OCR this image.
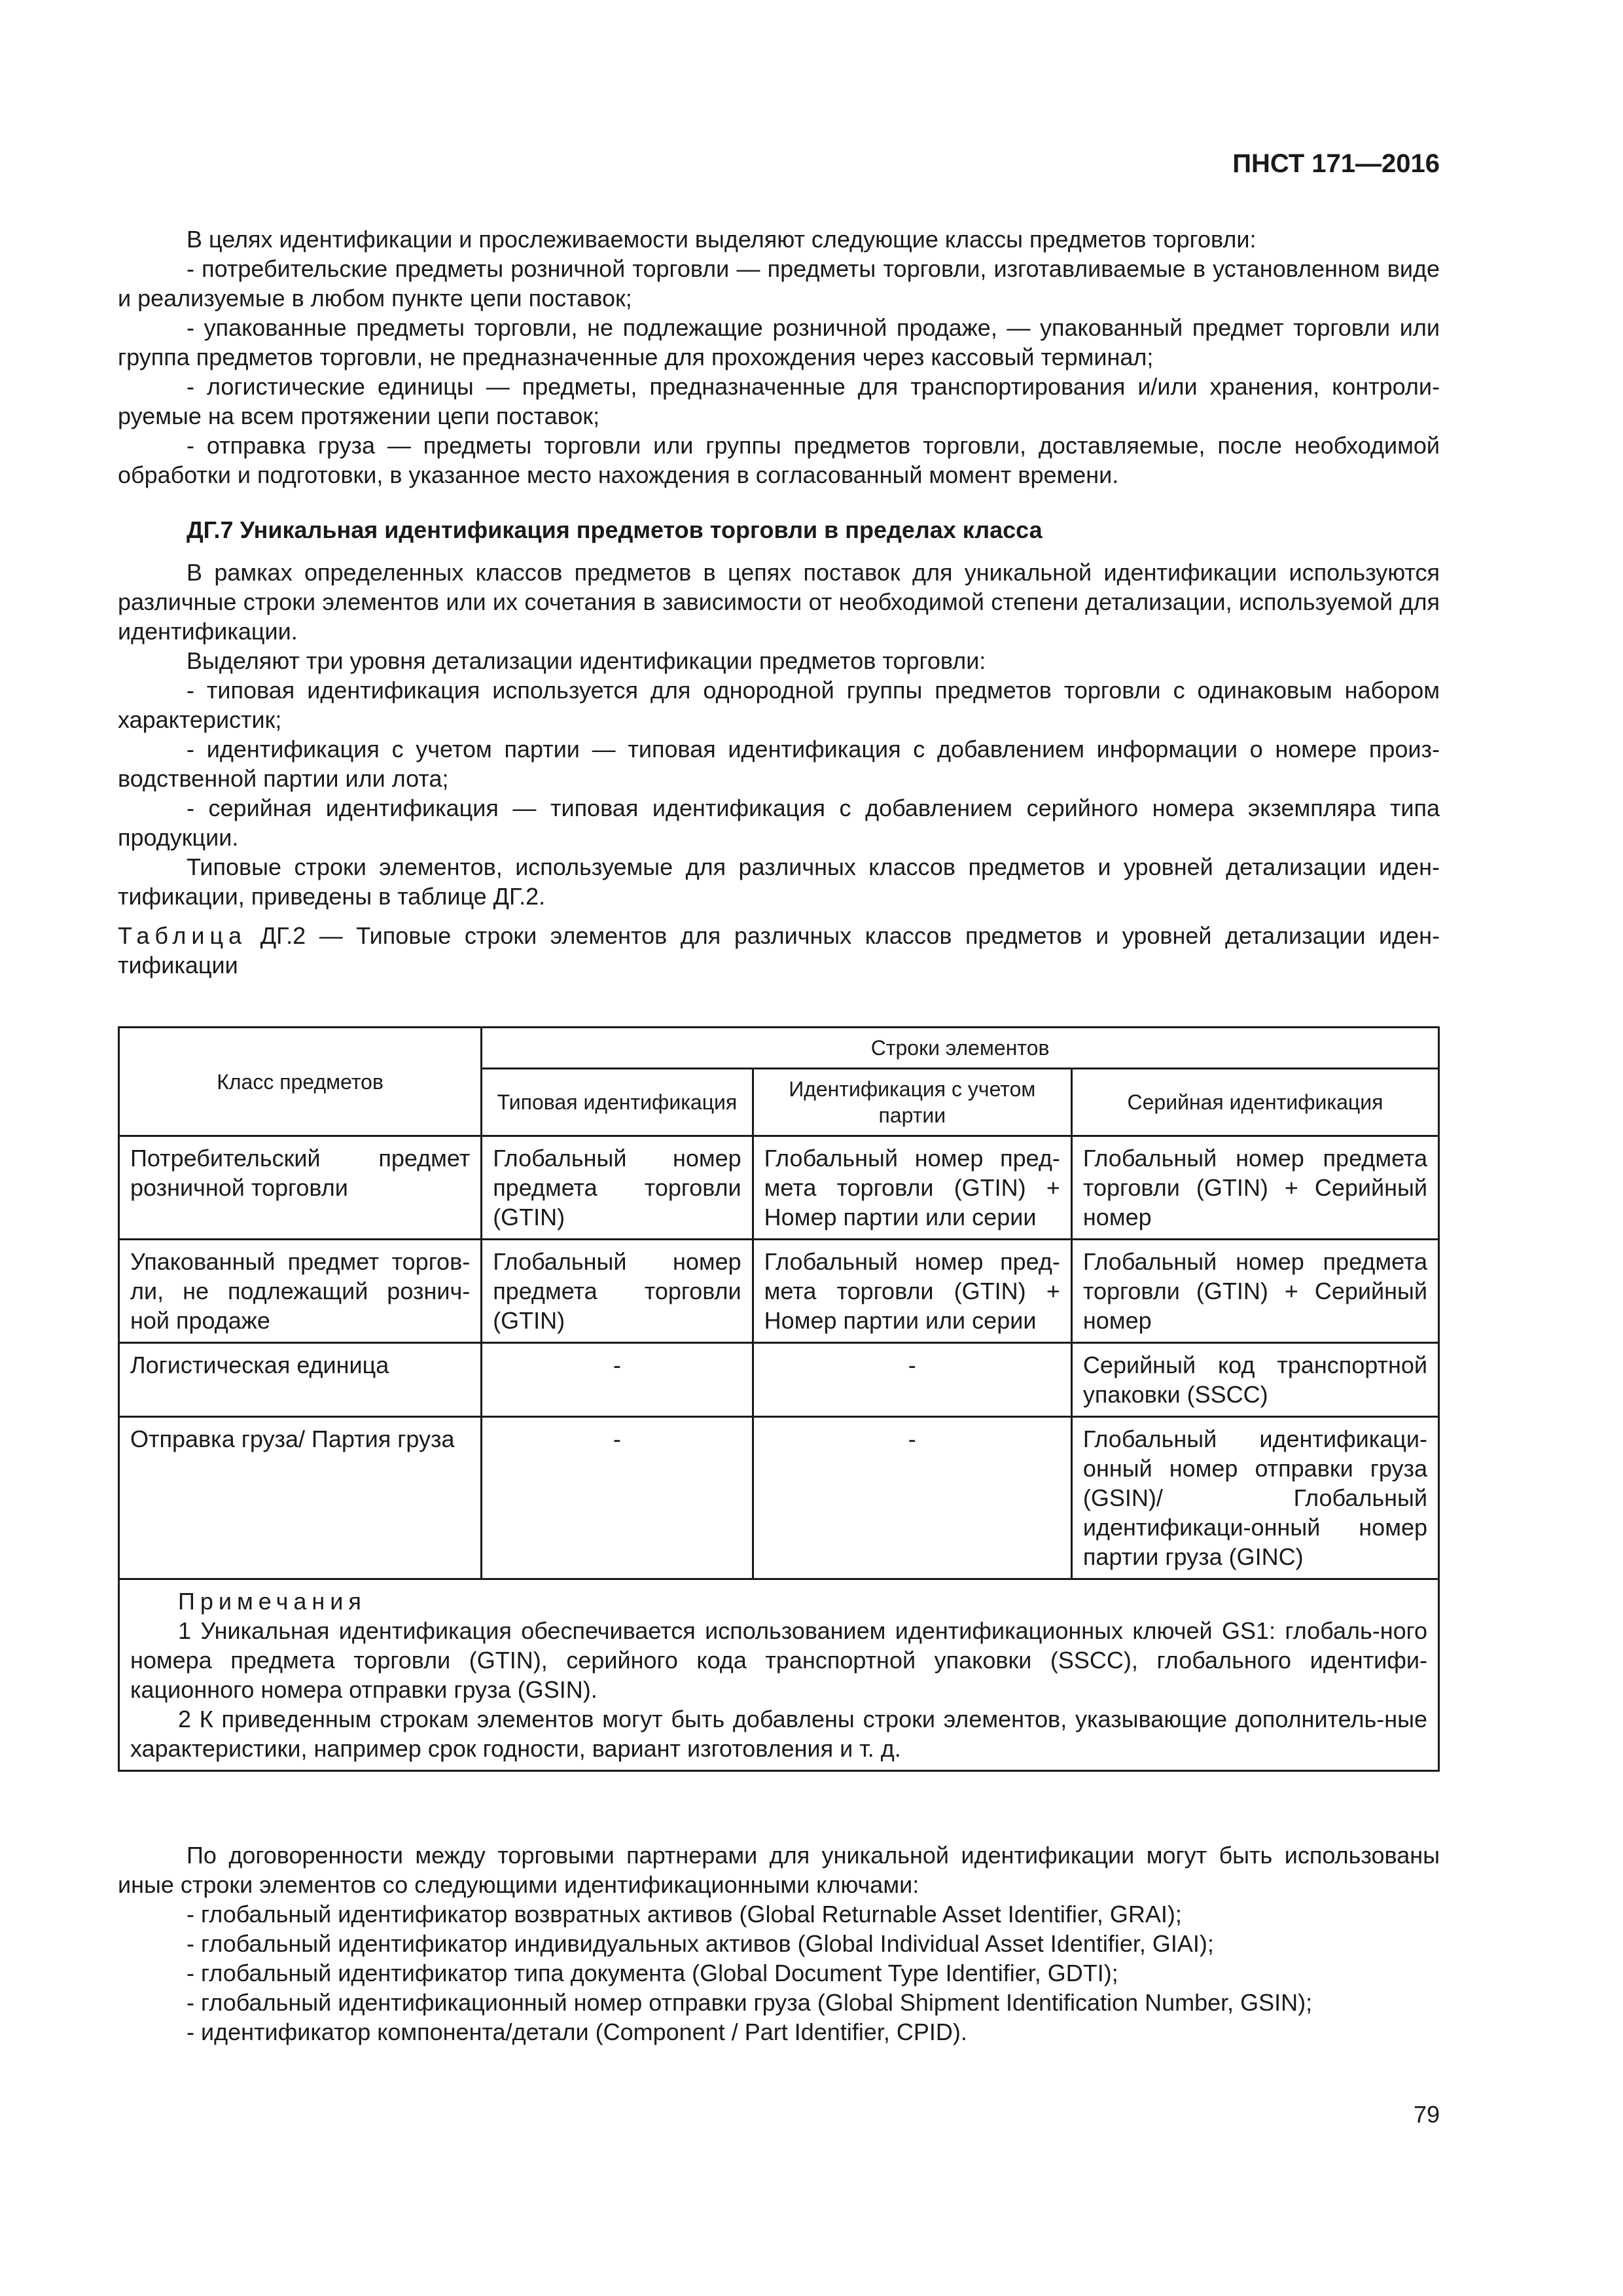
ПНСТ 171—2016

В целях идентификации и прослеживаемости выделяют следующие классы предметов торговли:

- потребительские предметы розничной торговли — предметы торговли, изготавливаемые в установленном виде и реализуемые в любом пункте цепи поставок;

- упакованные предметы торговли, не подлежащие розничной продаже, — упакованный предмет торговли или группа предметов торговли, не предназначенные для прохождения через кассовый терминал;

- логистические единицы — предметы, предназначенные для транспортирования и/или хранения, контроли-руемые на всем протяжении цепи поставок;

- отправка груза — предметы торговли или группы предметов торговли, доставляемые, после необходимой обработки и подготовки, в указанное место нахождения в согласованный момент времени.

ДГ.7 Уникальная идентификация предметов торговли в пределах класса

В рамках определенных классов предметов в цепях поставок для уникальной идентификации используются различные строки элементов или их сочетания в зависимости от необходимой степени детализации, используемой для идентификации.

Выделяют три уровня детализации идентификации предметов торговли:

- типовая идентификация используется для однородной группы предметов торговли с одинаковым набором характеристик;

- идентификация с учетом партии — типовая идентификация с добавлением информации о номере произ-водственной партии или лота;

- серийная идентификация — типовая идентификация с добавлением серийного номера экземпляра типа продукции.

Типовые строки элементов, используемые для различных классов предметов и уровней детализации иден-тификации, приведены в таблице ДГ.2.

Таблица ДГ.2 — Типовые строки элементов для различных классов предметов и уровней детализации иден-тификации

Класс предметов	Строки элементов		
	Типовая идентификация	Идентификация с учетом партии	Серийная идентификация
Потребительский предмет розничной торговли	Глобальный номер предмета торговли (GTIN)	Глобальный номер пред-мета торговли (GTIN) + Номер партии или серии	Глобальный номер предмета торговли (GTIN) + Серийный номер
Упакованный предмет торгов-ли, не подлежащий рознич-ной продаже	Глобальный номер предмета торговли (GTIN)	Глобальный номер пред-мета торговли (GTIN) + Номер партии или серии	Глобальный номер предмета торговли (GTIN) + Серийный номер
Логистическая единица	-	-	Серийный код транспортной упаковки (SSCC)
Отправка груза/ Партия груза	-	-	Глобальный идентификаци-онный номер отправки груза (GSIN)/ Глобальный идентификаци-онный номер партии груза (GINC)

Примечания

1 Уникальная идентификация обеспечивается использованием идентификационных ключей GS1: глобаль-ного номера предмета торговли (GTIN), серийного кода транспортной упаковки (SSCC), глобального идентифи-кационного номера отправки груза (GSIN).

2 К приведенным строкам элементов могут быть добавлены строки элементов, указывающие дополнитель-ные характеристики, например срок годности, вариант изготовления и т. д.			

По договоренности между торговыми партнерами для уникальной идентификации могут быть использованы иные строки элементов со следующими идентификационными ключами:

- глобальный идентификатор возвратных активов (Global Returnable Asset Identifier, GRAI);

- глобальный идентификатор индивидуальных активов (Global Individual Asset Identifier, GIAI);

- глобальный идентификатор типа документа (Global Document Type Identifier, GDTI);

- глобальный идентификационный номер отправки груза (Global Shipment Identification Number, GSIN);

- идентификатор компонента/детали (Component / Part Identifier, CPID).

79
